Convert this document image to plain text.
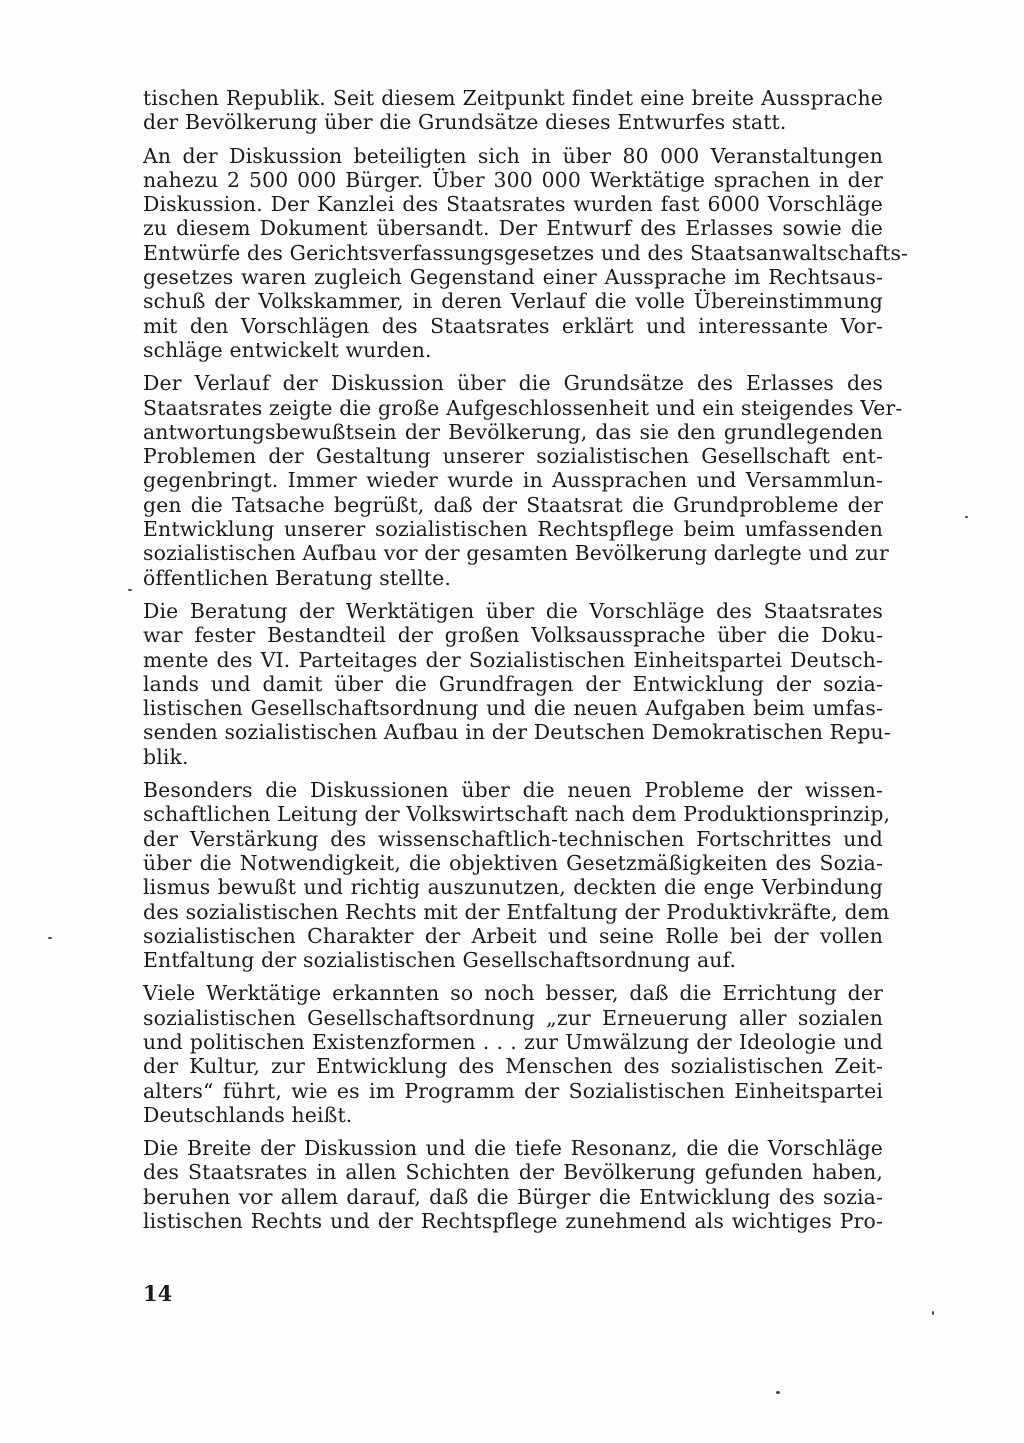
tischen Republik. Seit diesem Zeitpunkt findet eine breite Aussprache
der Bevölkerung über die Grundsätze dieses Entwurfes statt.
An der Diskussion beteiligten sich in über 80 000 Veranstaltungen
nahezu 2 500 000 Bürger. Über 300 000 Werktätige sprachen in der
Diskussion. Der Kanzlei des Staatsrates wurden fast 6000 Vorschläge
zu diesem Dokument übersandt. Der Entwurf des Erlasses sowie die
Entwürfe des Gerichtsverfassungsgesetzes und des Staatsanwaltschafts-
gesetzes waren zugleich Gegenstand einer Aussprache im Rechtsaus-
schuß der Volkskammer, in deren Verlauf die volle Übereinstimmung
mit den Vorschlägen des Staatsrates erklärt und interessante Vor-
schläge entwickelt wurden.
Der Verlauf der Diskussion über die Grundsätze des Erlasses des
Staatsrates zeigte die große Aufgeschlossenheit und ein steigendes Ver-
antwortungsbewußtsein der Bevölkerung, das sie den grundlegenden
Problemen der Gestaltung unserer sozialistischen Gesellschaft ent-
gegenbringt. Immer wieder wurde in Aussprachen und Versammlun-
gen die Tatsache begrüßt, daß der Staatsrat die Grundprobleme der
Entwicklung unserer sozialistischen Rechtspflege beim umfassenden
sozialistischen Aufbau vor der gesamten Bevölkerung darlegte und zur
öffentlichen Beratung stellte.
Die Beratung der Werktätigen über die Vorschläge des Staatsrates
war fester Bestandteil der großen Volksaussprache über die Doku-
mente des VI. Parteitages der Sozialistischen Einheitspartei Deutsch-
lands und damit über die Grundfragen der Entwicklung der sozia-
listischen Gesellschaftsordnung und die neuen Aufgaben beim umfas-
senden sozialistischen Aufbau in der Deutschen Demokratischen Repu-
blik.
Besonders die Diskussionen über die neuen Probleme der wissen-
schaftlichen Leitung der Volkswirtschaft nach dem Produktionsprinzip,
der Verstärkung des wissenschaftlich-technischen Fortschrittes und
über die Notwendigkeit, die objektiven Gesetzmäßigkeiten des Sozia-
lismus bewußt und richtig auszunutzen, deckten die enge Verbindung
des sozialistischen Rechts mit der Entfaltung der Produktivkräfte, dem
sozialistischen Charakter der Arbeit und seine Rolle bei der vollen
Entfaltung der sozialistischen Gesellschaftsordnung auf.
Viele Werktätige erkannten so noch besser, daß die Errichtung der
sozialistischen Gesellschaftsordnung „zur Erneuerung aller sozialen
und politischen Existenzformen . . . zur Umwälzung der Ideologie und
der Kultur, zur Entwicklung des Menschen des sozialistischen Zeit-
alters“ führt, wie es im Programm der Sozialistischen Einheitspartei
Deutschlands heißt.
Die Breite der Diskussion und die tiefe Resonanz, die die Vorschläge
des Staatsrates in allen Schichten der Bevölkerung gefunden haben,
beruhen vor allem darauf, daß die Bürger die Entwicklung des sozia-
listischen Rechts und der Rechtspflege zunehmend als wichtiges Pro-
14
